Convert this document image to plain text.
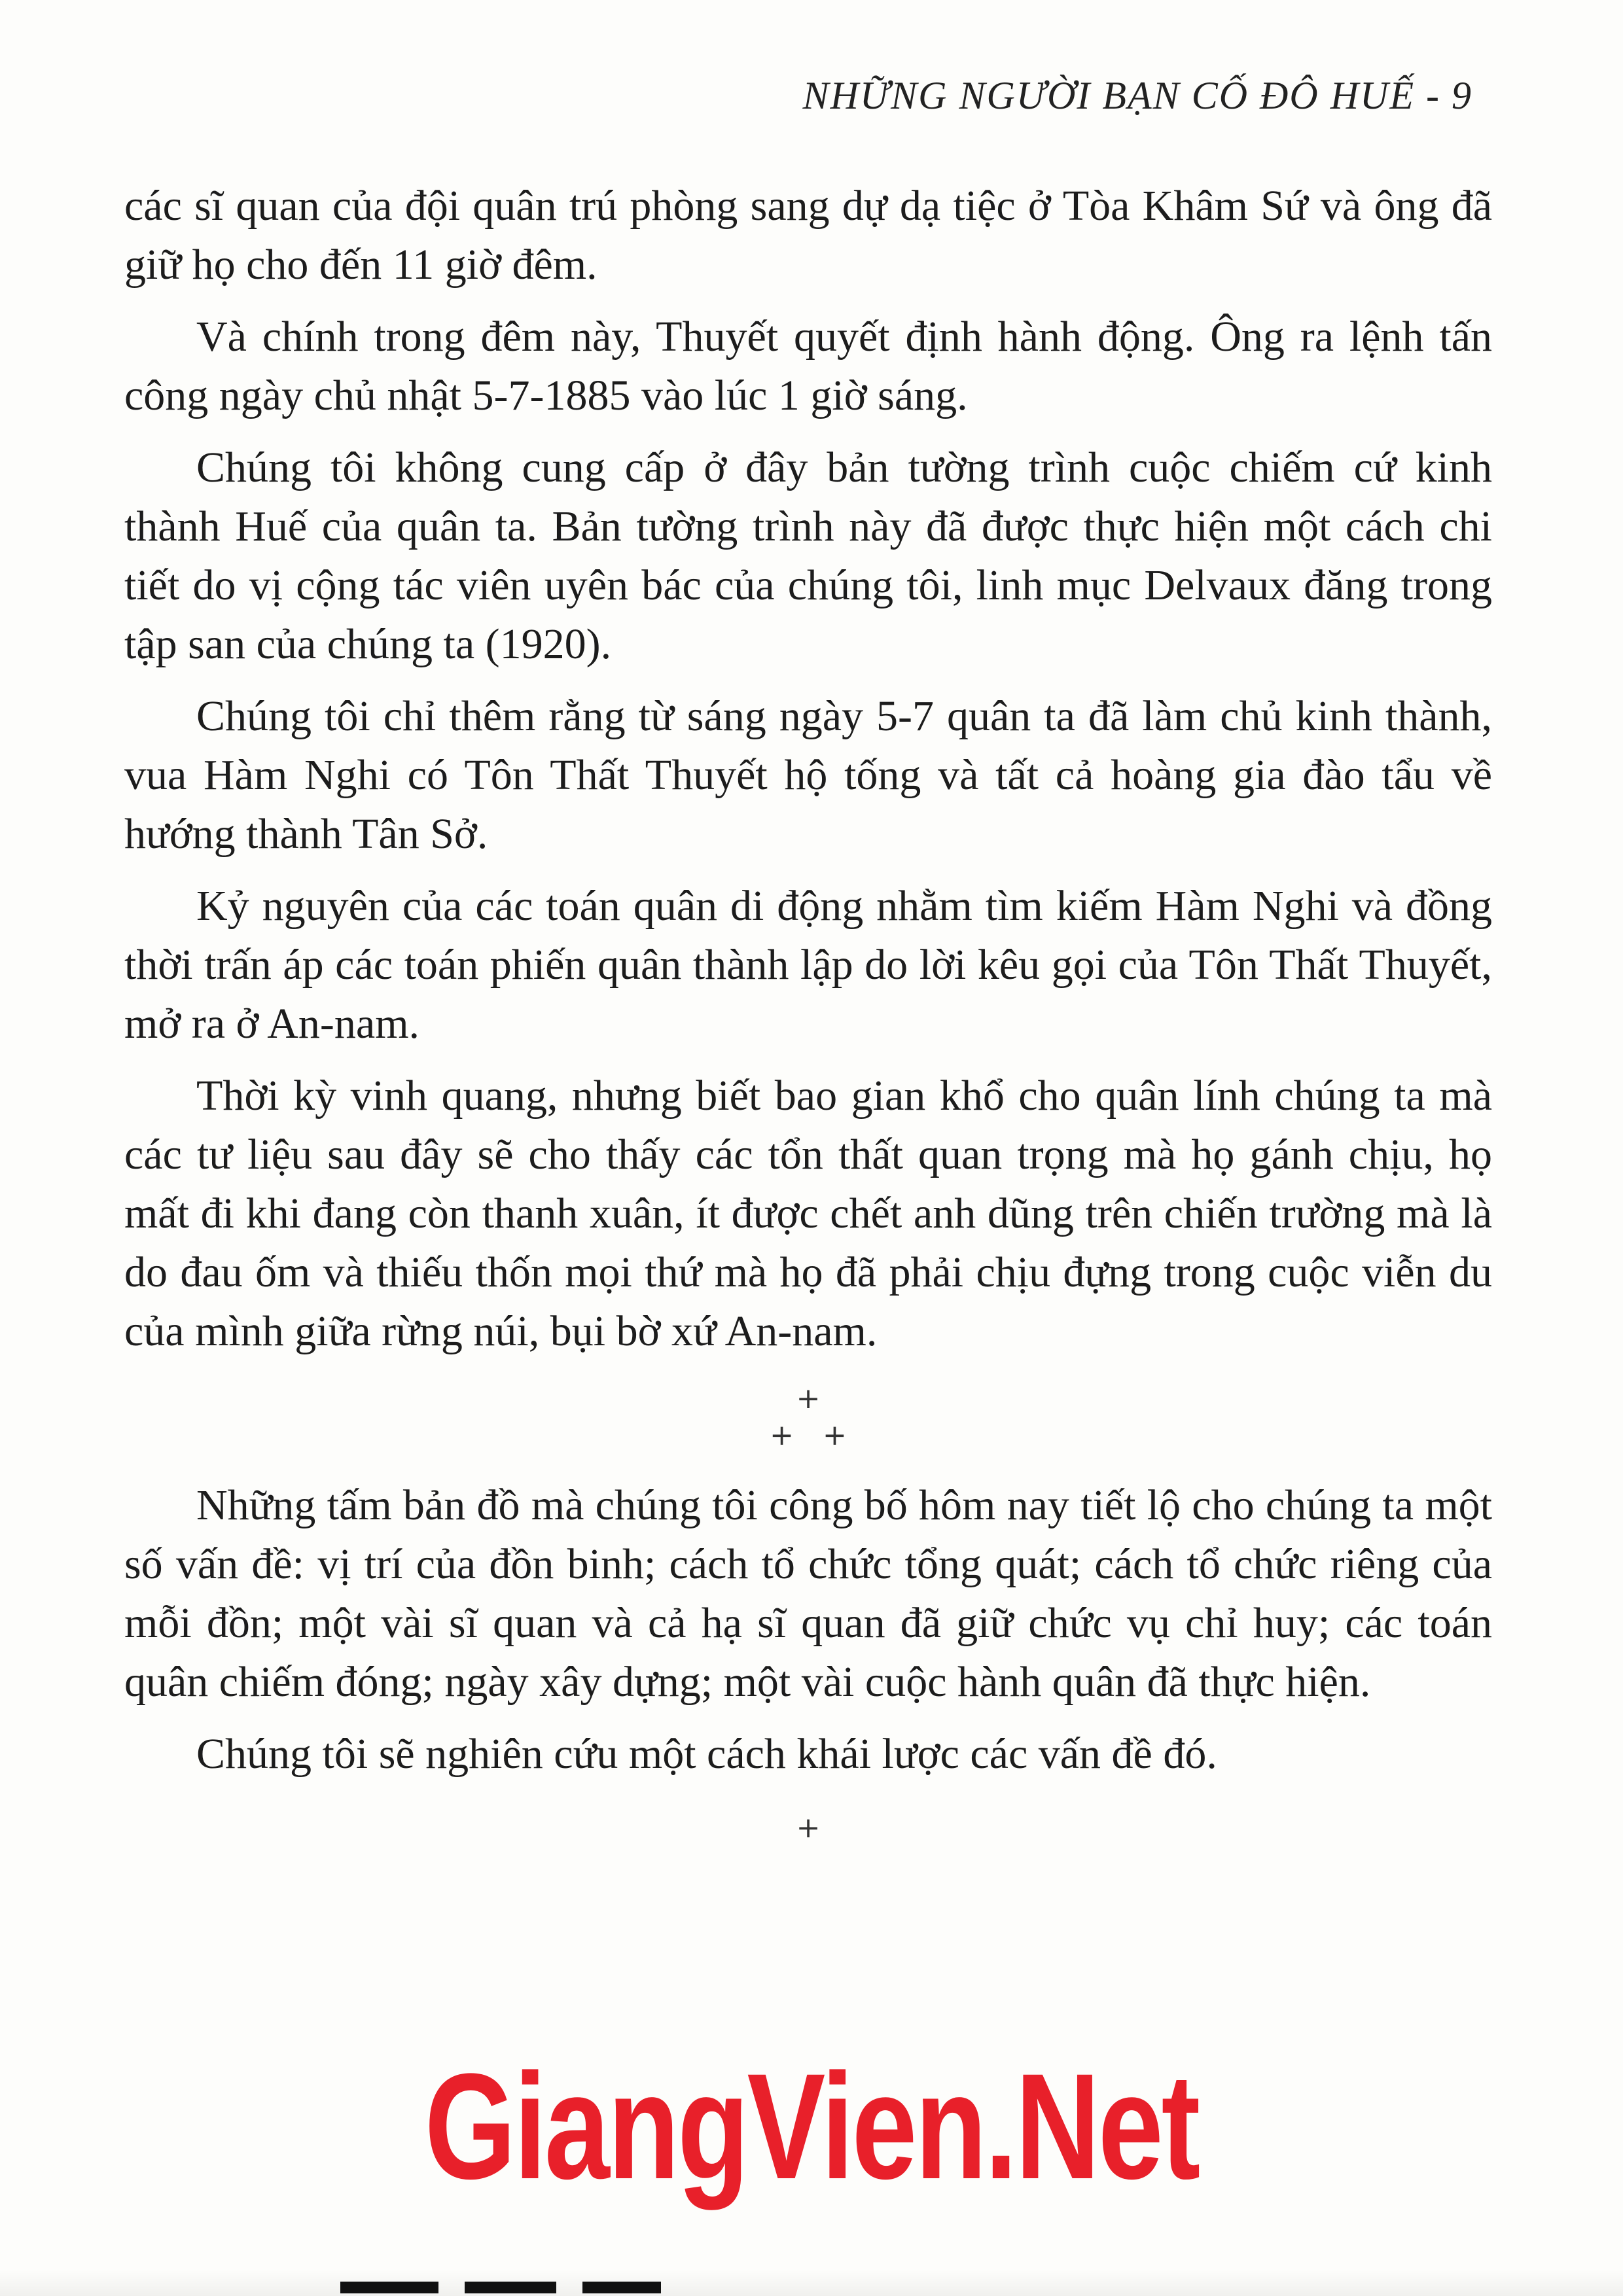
NHỮNG NGƯỜI BẠN CỐ ĐÔ HUẾ - 9

các sĩ quan của đội quân trú phòng sang dự dạ tiệc ở Tòa Khâm Sứ và ông đã giữ họ cho đến 11 giờ đêm.

Và chính trong đêm này, Thuyết quyết định hành động. Ông ra lệnh tấn công ngày chủ nhật 5-7-1885 vào lúc 1 giờ sáng.

Chúng tôi không cung cấp ở đây bản tường trình cuộc chiếm cứ kinh thành Huế của quân ta. Bản tường trình này đã được thực hiện một cách chi tiết do vị cộng tác viên uyên bác của chúng tôi, linh mục Delvaux đăng trong tập san của chúng ta (1920).

Chúng tôi chỉ thêm rằng từ sáng ngày 5-7 quân ta đã làm chủ kinh thành, vua Hàm Nghi có Tôn Thất Thuyết hộ tống và tất cả hoàng gia đào tẩu về hướng thành Tân Sở.

Kỷ nguyên của các toán quân di động nhằm tìm kiếm Hàm Nghi và đồng thời trấn áp các toán phiến quân thành lập do lời kêu gọi của Tôn Thất Thuyết, mở ra ở An-nam.

Thời kỳ vinh quang, nhưng biết bao gian khổ cho quân lính chúng ta mà các tư liệu sau đây sẽ cho thấy các tổn thất quan trọng mà họ gánh chịu, họ mất đi khi đang còn thanh xuân, ít được chết anh dũng trên chiến trường mà là do đau ốm và thiếu thốn mọi thứ mà họ đã phải chịu đựng trong cuộc viễn du của mình giữa rừng núi, bụi bờ xứ An-nam.

+
++

Những tấm bản đồ mà chúng tôi công bố hôm nay tiết lộ cho chúng ta một số vấn đề: vị trí của đồn binh; cách tổ chức tổng quát; cách tổ chức riêng của mỗi đồn; một vài sĩ quan và cả hạ sĩ quan đã giữ chức vụ chỉ huy; các toán quân chiếm đóng; ngày xây dựng; một vài cuộc hành quân đã thực hiện.

Chúng tôi sẽ nghiên cứu một cách khái lược các vấn đề đó.

+
GiangVien.Net
